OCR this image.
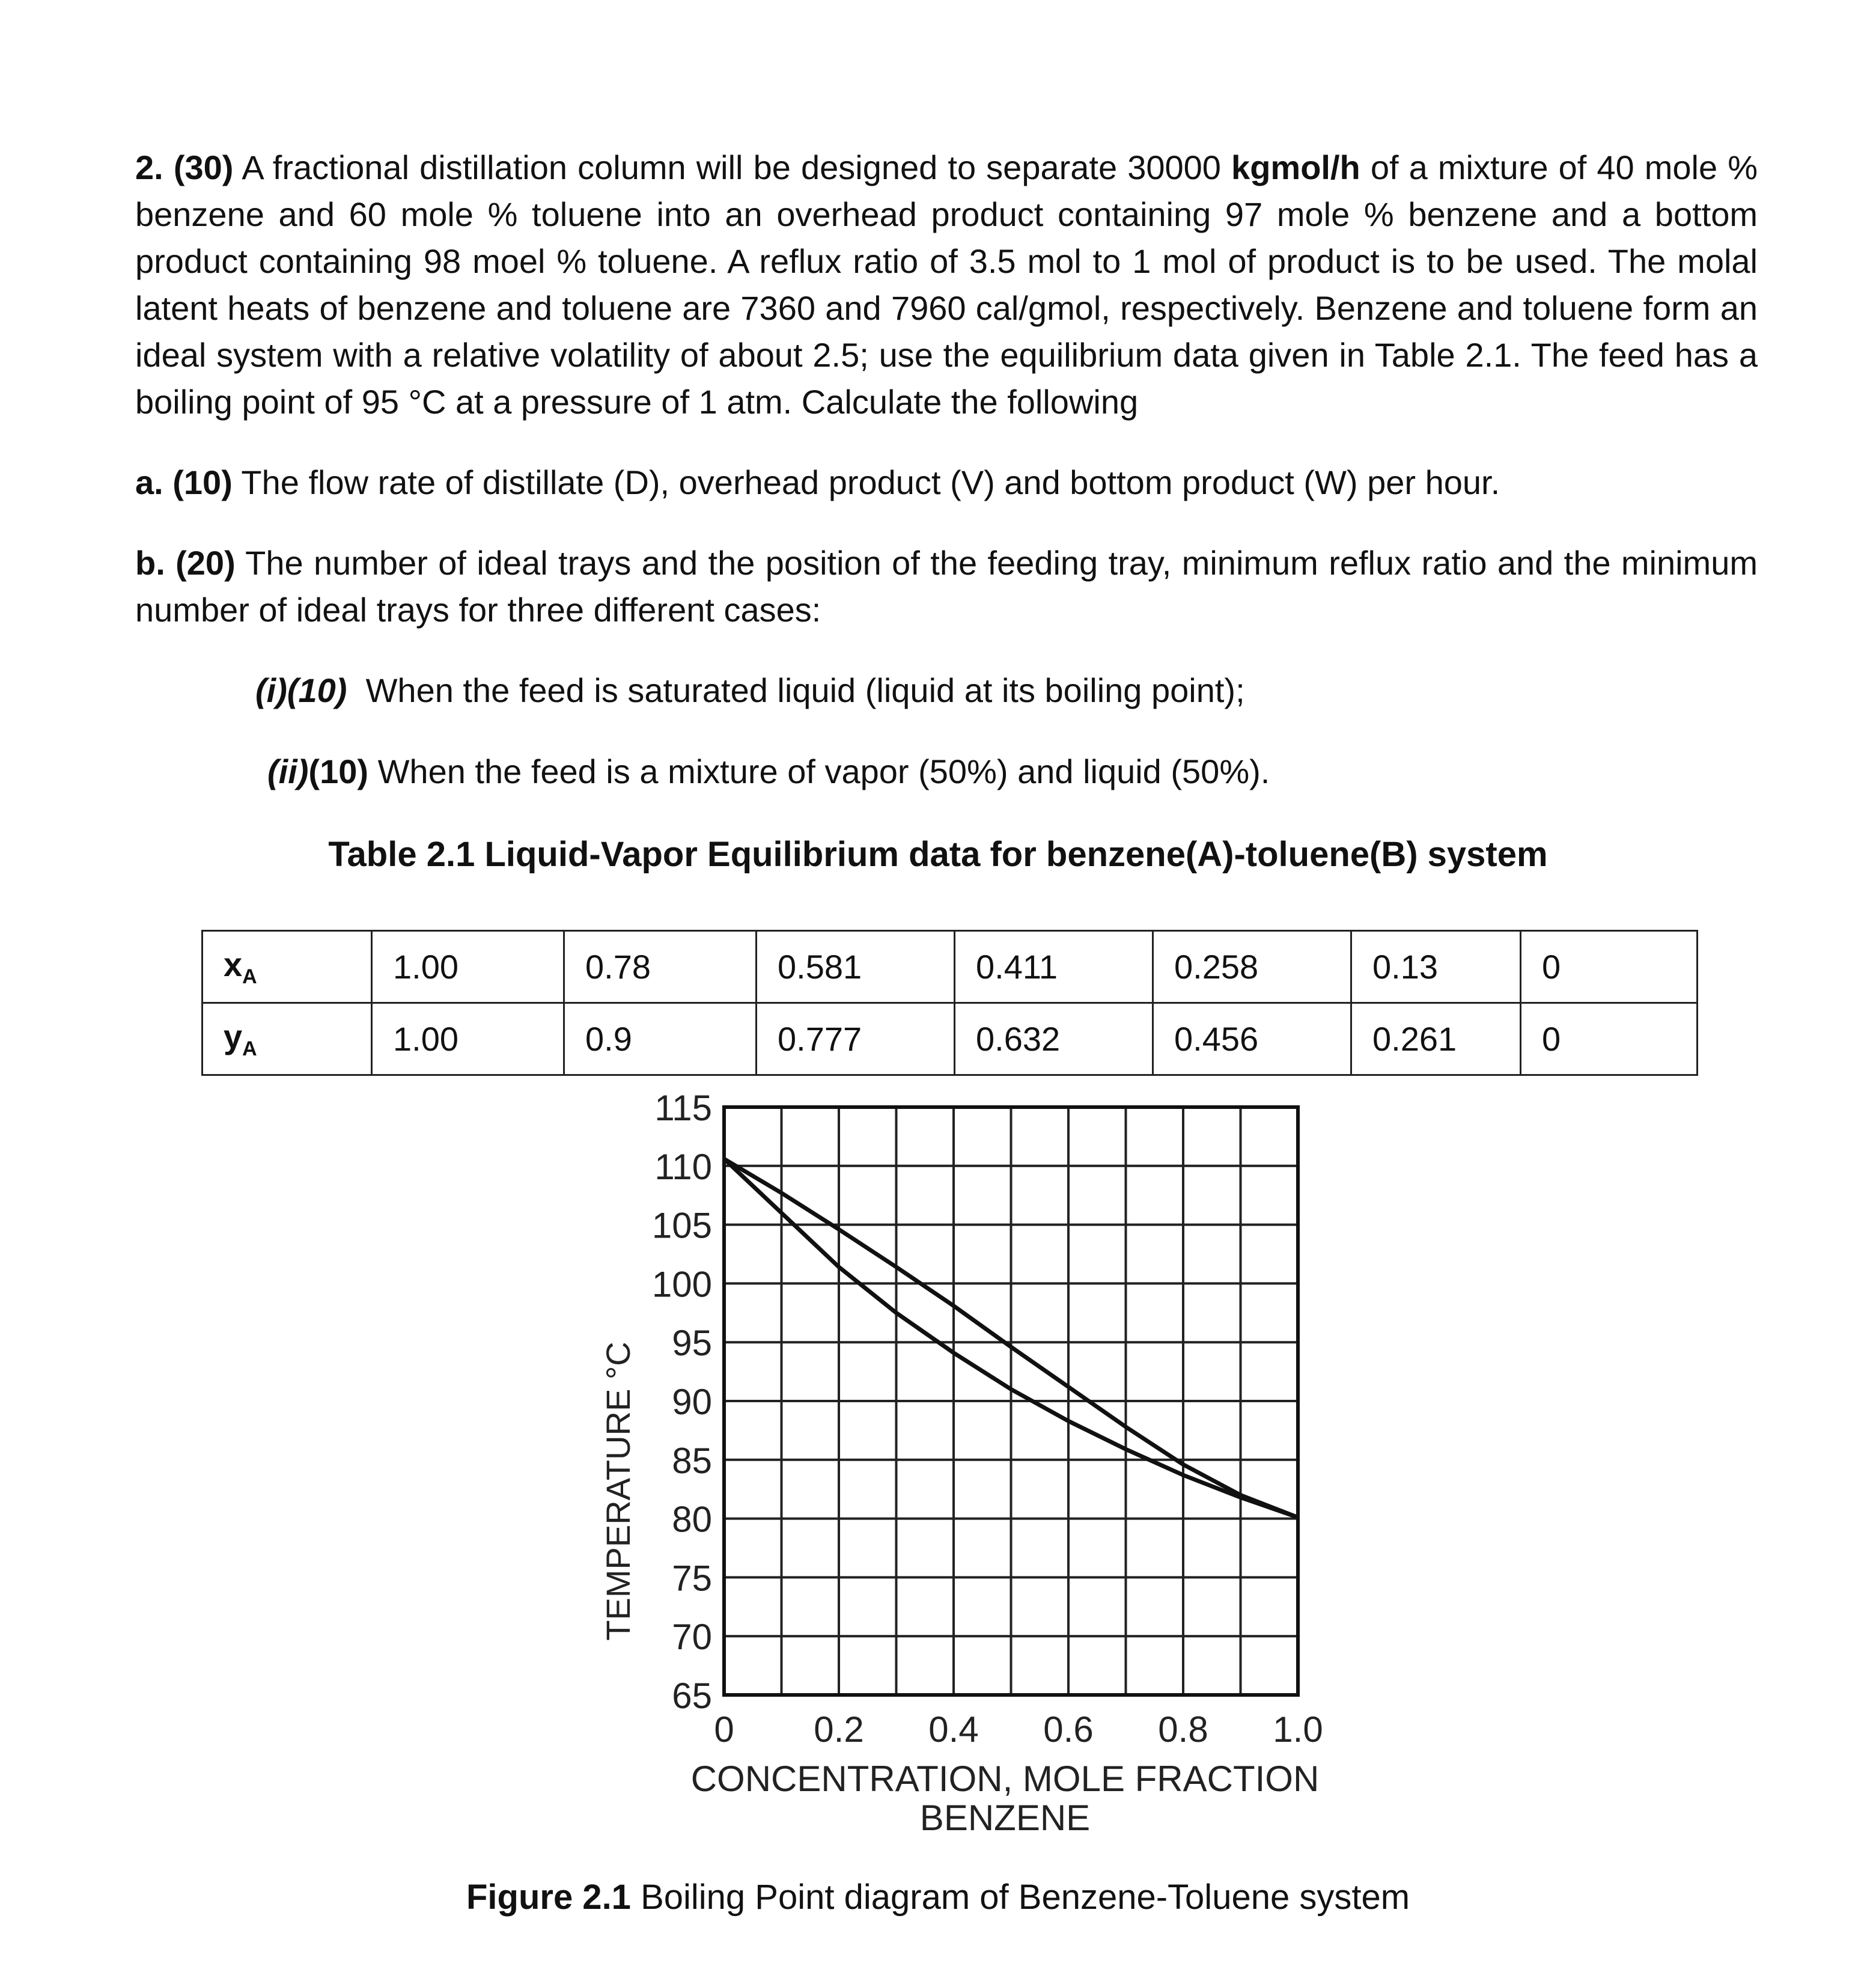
2. (30) A fractional distillation column will be designed to separate 30000 kgmol/h of a mixture of 40 mole % benzene and 60 mole % toluene into an overhead product containing 97 mole % benzene and a bottom product containing 98 moel % toluene. A reflux ratio of 3.5 mol to 1 mol of product is to be used. The molal latent heats of benzene and toluene are 7360 and 7960 cal/gmol, respectively. Benzene and toluene form an ideal system with a relative volatility of about 2.5; use the equilibrium data given in Table 2.1. The feed has a boiling point of 95 °C at a pressure of 1 atm. Calculate the following

a. (10) The flow rate of distillate (D), overhead product (V) and bottom product (W) per hour.

b. (20) The number of ideal trays and the position of the feeding tray, minimum reflux ratio and the minimum number of ideal trays for three different cases:

(i)(10) When the feed is saturated liquid (liquid at its boiling point);

(ii)(10) When the feed is a mixture of vapor (50%) and liquid (50%).

Table 2.1 Liquid-Vapor Equilibrium data for benzene(A)-toluene(B) system
$x_A$	1.00	0.78	0.581	0.411	0.258	0.13	0
$y_A$	1.00	0.9	0.777	0.632	0.456	0.261	0
115
110
105
100
95
90
85
80
75
70
65
0 0.2 0.4 0.6 0.8 1.0
CONCENTRATION, MOLE FRACTION
BENZENE
TEMPERATURE °C
Figure 2.1 Boiling Point diagram of Benzene-Toluene system
